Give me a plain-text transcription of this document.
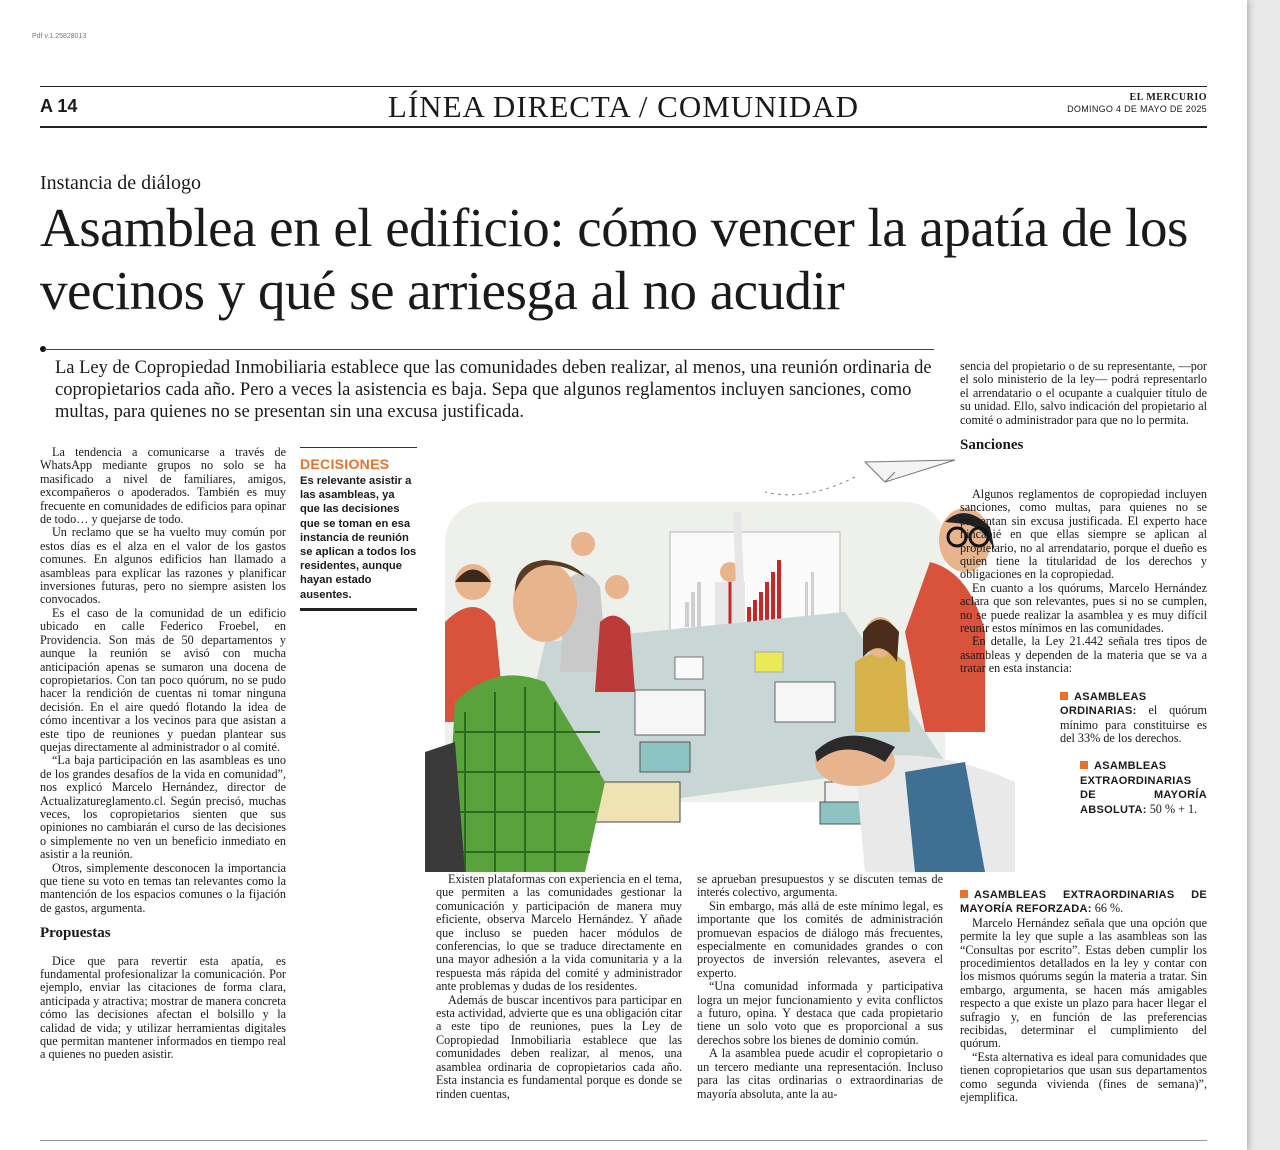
Pdf v.1.25828013
A 14	LÍNEA DIRECTA / COMUNIDAD	EL MERCURIO
DOMINGO 4 DE MAYO DE 2025
Instancia de diálogo
Asamblea en el edificio: cómo vencer la apatía de los vecinos y qué se arriesga al no acudir
La Ley de Copropiedad Inmobiliaria establece que las comunidades deben realizar, al menos, una reunión ordinaria de copropietarios cada año. Pero a veces la asistencia es baja. Sepa que algunos reglamentos incluyen sanciones, como multas, para quienes no se presentan sin una excusa justificada.

La tendencia a comunicarse a través de WhatsApp mediante grupos no solo se ha masificado a nivel de familiares, amigos, excompañeros o apoderados. También es muy frecuente en comunidades de edificios para opinar de todo… y quejarse de todo.

Un reclamo que se ha vuelto muy común por estos días es el alza en el valor de los gastos comunes. En algunos edificios han llamado a asambleas para explicar las razones y planificar inversiones futuras, pero no siempre asisten los convocados.

Es el caso de la comunidad de un edificio ubicado en calle Federico Froebel, en Providencia. Son más de 50 departamentos y aunque la reunión se avisó con mucha anticipación apenas se sumaron una docena de copropietarios. Con tan poco quórum, no se pudo hacer la rendición de cuentas ni tomar ninguna decisión. En el aire quedó flotando la idea de cómo incentivar a los vecinos para que asistan a este tipo de reuniones y puedan plantear sus quejas directamente al administrador o al comité.

“La baja participación en las asambleas es uno de los grandes desafíos de la vida en comunidad”, nos explicó Marcelo Hernández, director de Actualizatureglamento.cl. Según precisó, muchas veces, los copropietarios sienten que sus opiniones no cambiarán el curso de las decisiones o simplemente no ven un beneficio inmediato en asistir a la reunión.

Otros, simplemente desconocen la importancia que tiene su voto en temas tan relevantes como la mantención de los espacios comunes o la fijación de gastos, argumenta.

Propuestas

Dice que para revertir esta apatía, es fundamental profesionalizar la comunicación. Por ejemplo, enviar las citaciones de forma clara, anticipada y atractiva; mostrar de manera concreta cómo las decisiones afectan el bolsillo y la calidad de vida; y utilizar herramientas digitales que permitan mantener informados en tiempo real a quienes no pueden asistir.

DECISIONES
Es relevante asistir a las asambleas, ya que las decisiones que se toman en esa instancia de reunión se aplican a todos los residentes, aunque hayan estado ausentes.

Existen plataformas con experiencia en el tema, que permiten a las comunidades gestionar la comunicación y participación de manera muy eficiente, observa Marcelo Hernández. Y añade que incluso se pueden hacer módulos de conferencias, lo que se traduce directamente en una mayor adhesión a la vida comunitaria y a la respuesta más rápida del comité y administrador ante problemas y dudas de los residentes.

Además de buscar incentivos para participar en esta actividad, advierte que es una obligación citar a este tipo de reuniones, pues la Ley de Copropiedad Inmobiliaria establece que las comunidades deben realizar, al menos, una asamblea ordinaria de copropietarios cada año. Esta instancia es fundamental porque es donde se rinden cuentas,

se aprueban presupuestos y se discuten temas de interés colectivo, argumenta.

Sin embargo, más allá de este mínimo legal, es importante que los comités de administración promuevan espacios de diálogo más frecuentes, especialmente en comunidades grandes o con proyectos de inversión relevantes, asevera el experto.

“Una comunidad informada y participativa logra un mejor funcionamiento y evita conflictos a futuro, opina. Y destaca que cada propietario tiene un solo voto que es proporcional a sus derechos sobre los bienes de dominio común.

A la asamblea puede acudir el copropietario o un tercero mediante una representación. Incluso para las citas ordinarias o extraordinarias de mayoría absoluta, ante la au-

sencia del propietario o de su representante, —por el solo ministerio de la ley— podrá representarlo el arrendatario o el ocupante a cualquier título de su unidad. Ello, salvo indicación del propietario al comité o administrador para que no lo permita.

Sanciones

Algunos reglamentos de copropiedad incluyen sanciones, como multas, para quienes no se presentan sin excusa justificada. El experto hace hincapié en que ellas siempre se aplican al propietario, no al arrendatario, porque el dueño es quien tiene la titularidad de los derechos y obligaciones en la copropiedad.

En cuanto a los quórums, Marcelo Hernández aclara que son relevantes, pues si no se cumplen, no se puede realizar la asamblea y es muy difícil reunir estos mínimos en las comunidades.

En detalle, la Ley 21.442 señala tres tipos de asambleas y dependen de la materia que se va a tratar en esta instancia:

ASAMBLEAS ORDINARIAS: el quórum mínimo para constituirse es del 33% de los derechos.

ASAMBLEAS EXTRAORDINARIAS DE MAYORÍA ABSOLUTA: 50 % + 1.

ASAMBLEAS EXTRAORDINARIAS DE MAYORÍA REFORZADA: 66 %.

Marcelo Hernández señala que una opción que permite la ley que suple a las asambleas son las “Consultas por escrito”. Estas deben cumplir los procedimientos detallados en la ley y contar con los mismos quórums según la materia a tratar. Sin embargo, argumenta, se hacen más amigables respecto a que existe un plazo para hacer llegar el sufragio y, en función de las preferencias recibidas, determinar el cumplimiento del quórum.

“Esta alternativa es ideal para comunidades que tienen copropietarios que usan sus departamentos como segunda vivienda (fines de semana)”, ejemplifica.
